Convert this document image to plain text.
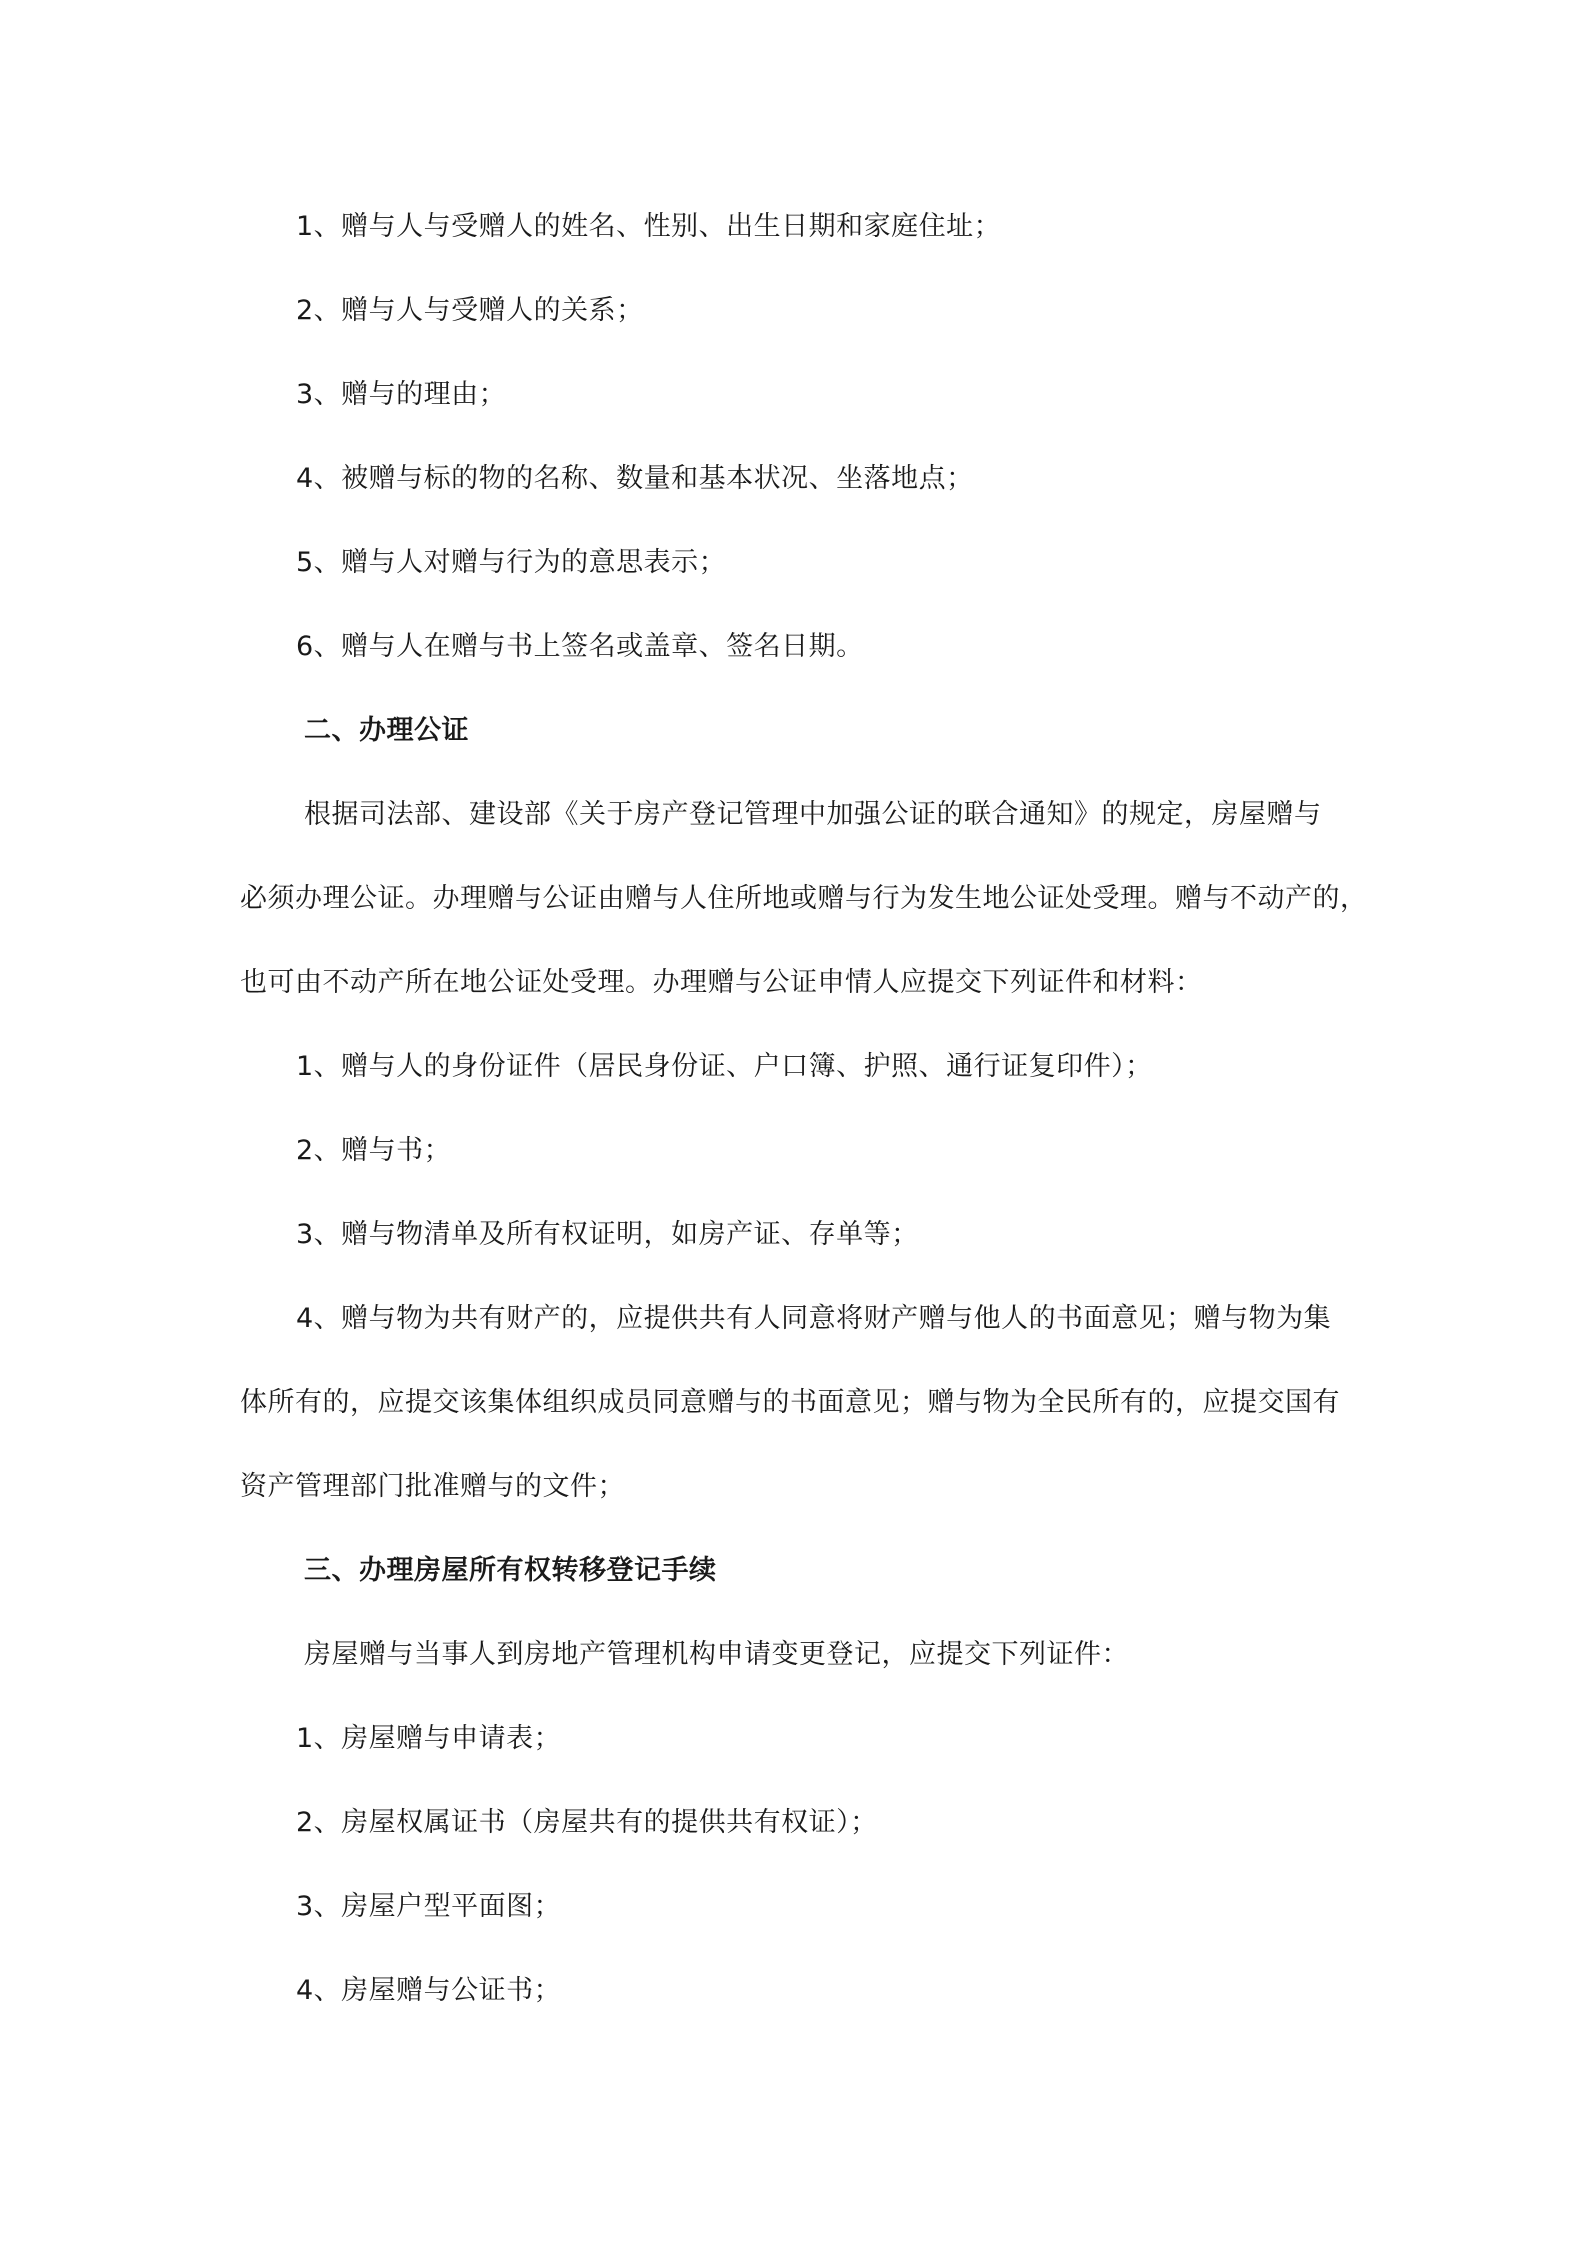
1、赠与人与受赠人的姓名、性别、出生日期和家庭住址；
2、赠与人与受赠人的关系；
3、赠与的理由；
4、被赠与标的物的名称、数量和基本状况、坐落地点；
5、赠与人对赠与行为的意思表示；
6、赠与人在赠与书上签名或盖章、签名日期。
二、办理公证
根据司法部、建设部《关于房产登记管理中加强公证的联合通知》的规定，房屋赠与
必须办理公证。办理赠与公证由赠与人住所地或赠与行为发生地公证处受理。赠与不动产的，
也可由不动产所在地公证处受理。办理赠与公证申情人应提交下列证件和材料：
1、赠与人的身份证件（居民身份证、户口簿、护照、通行证复印件）；
2、赠与书；
3、赠与物清单及所有权证明，如房产证、存单等；
4、赠与物为共有财产的，应提供共有人同意将财产赠与他人的书面意见；赠与物为集
体所有的，应提交该集体组织成员同意赠与的书面意见；赠与物为全民所有的，应提交国有
资产管理部门批准赠与的文件；
三、办理房屋所有权转移登记手续
房屋赠与当事人到房地产管理机构申请变更登记，应提交下列证件：
1、房屋赠与申请表；
2、房屋权属证书（房屋共有的提供共有权证）；
3、房屋户型平面图；
4、房屋赠与公证书；
